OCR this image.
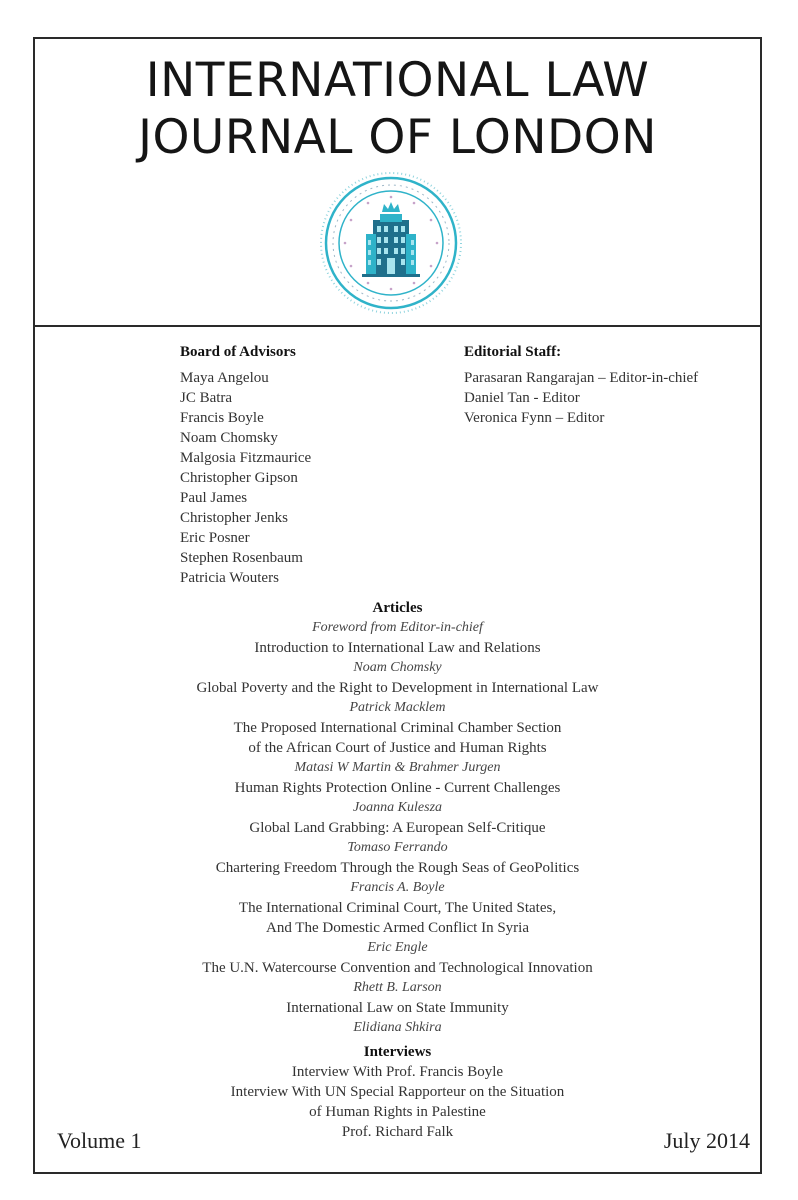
INTERNATIONAL LAW
JOURNAL OF LONDON
Board of Advisors
Maya Angelou
JC Batra
Francis Boyle
Noam Chomsky
Malgosia Fitzmaurice
Christopher Gipson
Paul James
Christopher Jenks
Eric Posner
Stephen Rosenbaum
Patricia Wouters
Editorial Staff:
Parasaran Rangarajan – Editor-in-chief
Daniel Tan - Editor
Veronica Fynn – Editor
Articles
Foreword from Editor-in-chief
Introduction to International Law and Relations
Noam Chomsky
Global Poverty and the Right to Development in International Law
Patrick Macklem
The Proposed International Criminal Chamber Section
of the African Court of Justice and Human Rights
Matasi W Martin & Brahmer Jurgen
Human Rights Protection Online - Current Challenges
Joanna Kulesza
Global Land Grabbing: A European Self-Critique
Tomaso Ferrando
Chartering Freedom Through the Rough Seas of GeoPolitics
Francis A. Boyle
The International Criminal Court, The United States,
And The Domestic Armed Conflict In Syria
Eric Engle
The U.N. Watercourse Convention and Technological Innovation
Rhett B. Larson
International Law on State Immunity
Elidiana Shkira
Interviews
Interview With Prof. Francis Boyle
Interview With UN Special Rapporteur on the Situation
of Human Rights in Palestine
Prof. Richard Falk
Volume 1	July 2014
